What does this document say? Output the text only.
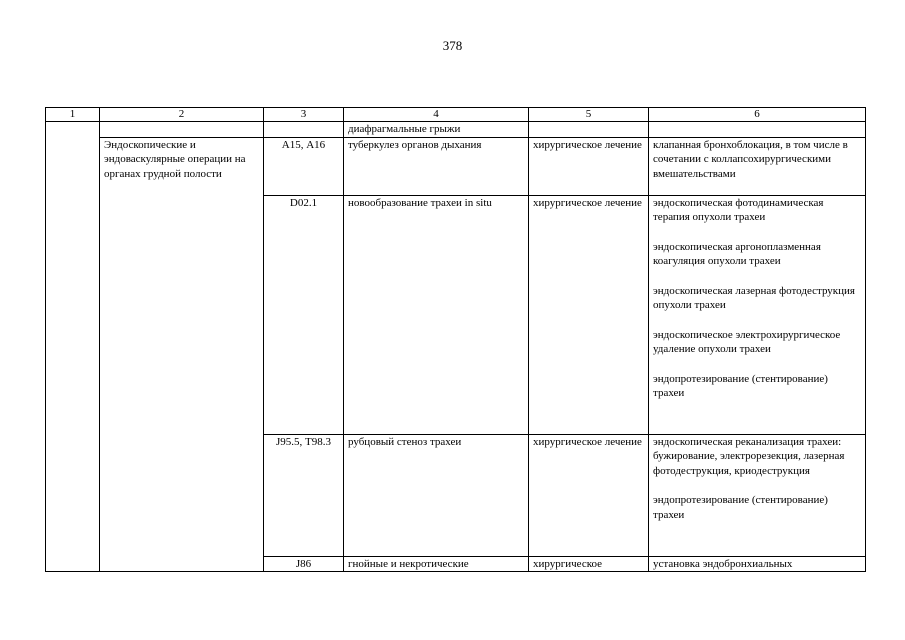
378
1	2	3	4	5	6
			диафрагмальные грыжи		
	Эндоскопические и эндоваскулярные операции на органах грудной полости	А15, А16	туберкулез органов дыхания	хирургическое лечение	клапанная бронхоблокация, в том числе в сочетании с коллапсохирургическими вмешательствами
		D02.1	новообразование трахеи in situ	хирургическое лечение	эндоскопическая фотодинамическая терапия опухоли трахеи
эндоскопическая аргоноплазменная коагуляция опухоли трахеи
эндоскопическая лазерная фотодеструкция опухоли трахеи
эндоскопическое электрохирургическое удаление опухоли трахеи
эндопротезирование (стентирование) трахеи

		J95.5, Т98.3	рубцовый стеноз трахеи	хирургическое лечение	эндоскопическая реканализация трахеи: бужирование, электрорезекция, лазерная фотодеструкция, криодеструкция
эндопротезирование (стентирование) трахеи

		J86	гнойные и некротические	хирургическое	установка эндобронхиальных
